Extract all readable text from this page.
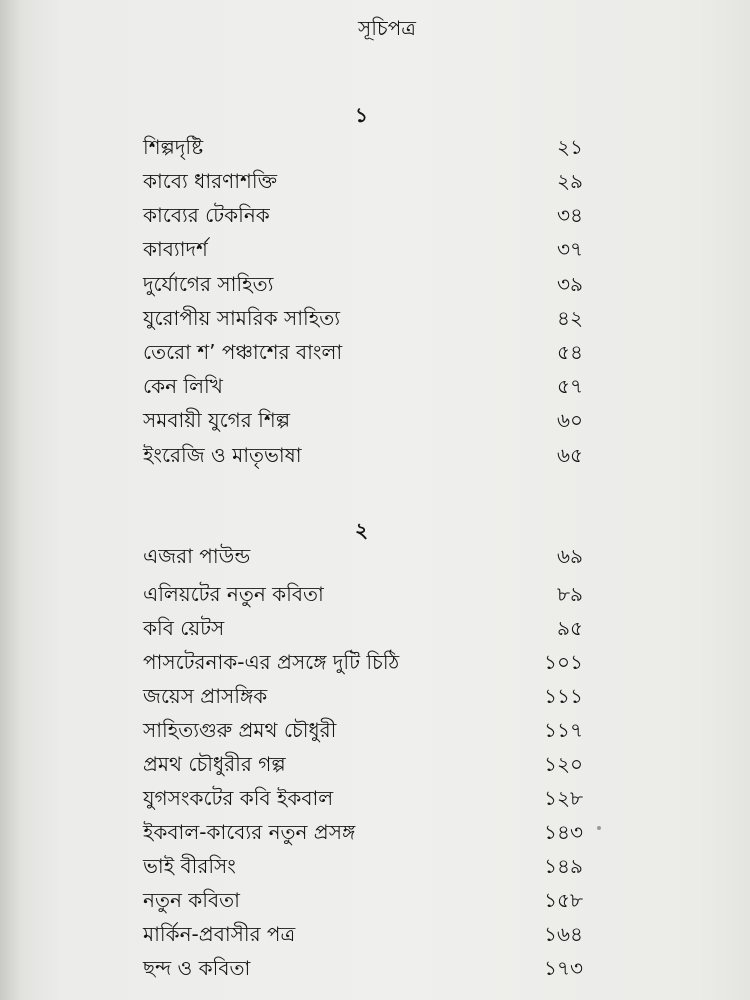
সূচিপত্র
১
শিল্পদৃষ্টি	২১
কাব্যে ধারণাশক্তি	২৯
কাব্যের টেকনিক	৩৪
কাব্যাদর্শ	৩৭
দুর্যোগের সাহিত্য	৩৯
যুরোপীয় সামরিক সাহিত্য	৪২
তেরো শ’ পঞ্চাশের বাংলা	৫৪
কেন লিখি	৫৭
সমবায়ী যুগের শিল্প	৬০
ইংরেজি ও মাতৃভাষা	৬৫
২
এজরা পাউন্ড	৬৯
এলিয়টের নতুন কবিতা	৮৯
কবি য়েটস	৯৫
পাসটেরনাক-এর প্রসঙ্গে দুটি চিঠি	১০১
জয়েস প্রাসঙ্গিক	১১১
সাহিত্যগুরু প্রমথ চৌধুরী	১১৭
প্রমথ চৌধুরীর গল্প	১২০
যুগসংকটের কবি ইকবাল	১২৮
ইকবাল-কাব্যের নতুন প্রসঙ্গ	১৪৩
ভাই বীরসিং	১৪৯
নতুন কবিতা	১৫৮
মার্কিন-প্রবাসীর পত্র	১৬৪
ছন্দ ও কবিতা	১৭৩
